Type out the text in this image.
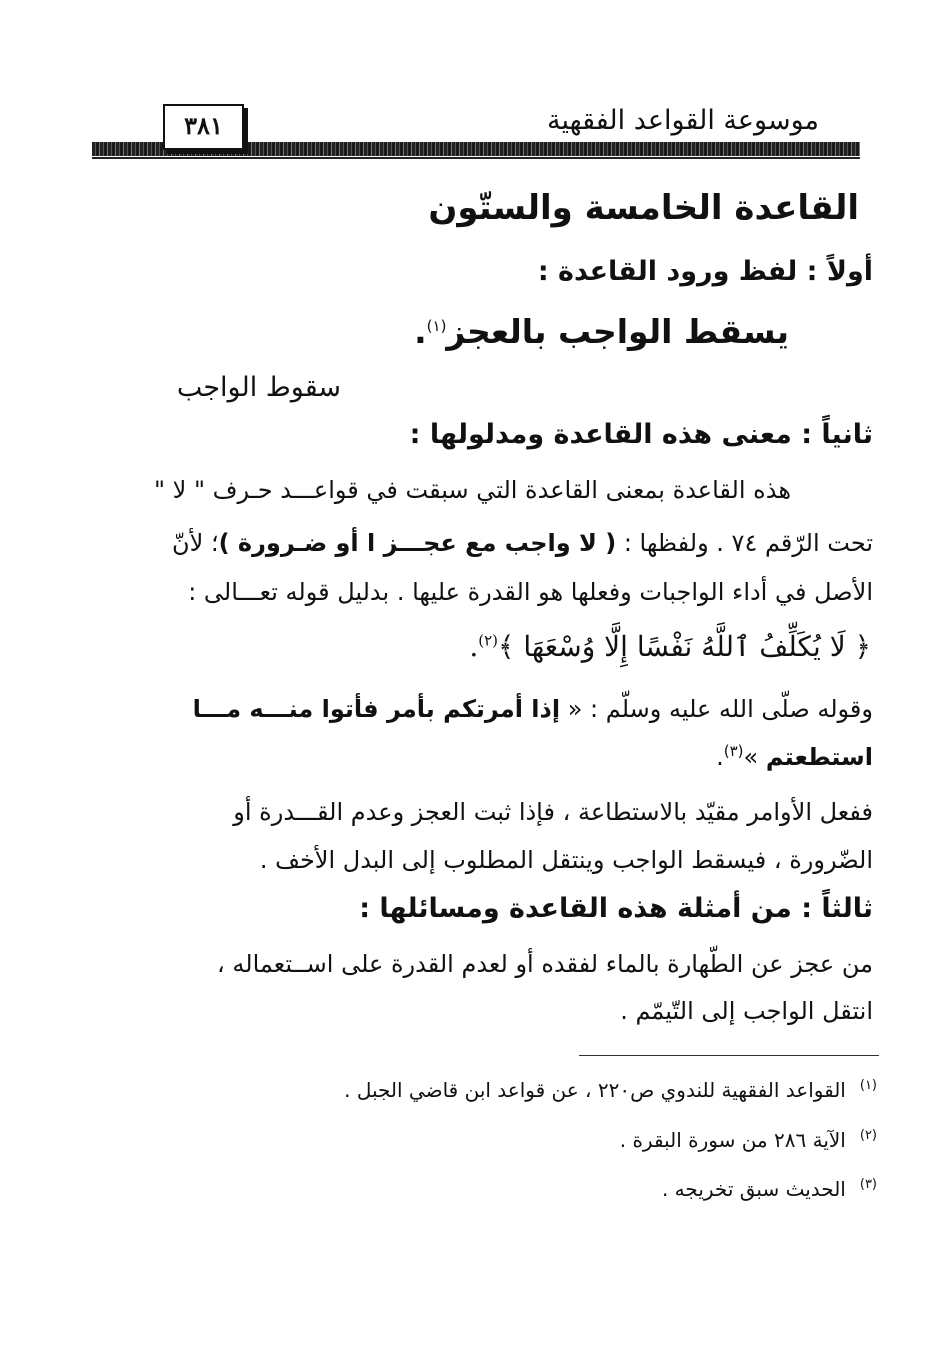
موسوعة القواعد الفقهية
٣٨١
القاعدة الخامسة والستّون
أولاً : لفظ ورود القاعدة :
يسقط الواجب بالعجز$^{(١)}$.
سقوط الواجب
ثانياً : معنى هذه القاعدة ومدلولها :
هذه القاعدة بمعنى القاعدة التي سبقت في قواعـــد حـرف " لا "
تحت الرّقم ٧٤ . ولفظها : ( لا واجب مع عجـــز ا أو ضـرورة )؛ لأنّ
الأصل في أداء الواجبات وفعلها هو القدرة عليها . بدليل قوله تعـــالى :
﴿ لَا يُكَلِّفُ ٱللَّهُ نَفْسًا إِلَّا وُسْعَهَا ﴾$^{(٢)}$.
وقوله صلّى الله عليه وسلّم : « إذا أمرتكم بأمر فأتوا منـــه مـــا
استطعتم »$^{(٣)}$.
ففعل الأوامر مقيّد بالاستطاعة ، فإذا ثبت العجز وعدم القـــدرة أو
الضّرورة ، فيسقط الواجب وينتقل المطلوب إلى البدل الأخف .
ثالثاً : من أمثلة هذه القاعدة ومسائلها :
من عجز عن الطّهارة بالماء لفقده أو لعدم القدرة على اســتعماله ،
انتقل الواجب إلى التّيمّم .
$^{(١)}$القواعد الفقهية للندوي ص٢٢٠ ، عن قواعد ابن قاضي الجبل .
$^{(٢)}$الآية ٢٨٦ من سورة البقرة .
$^{(٣)}$الحديث سبق تخريجه .
